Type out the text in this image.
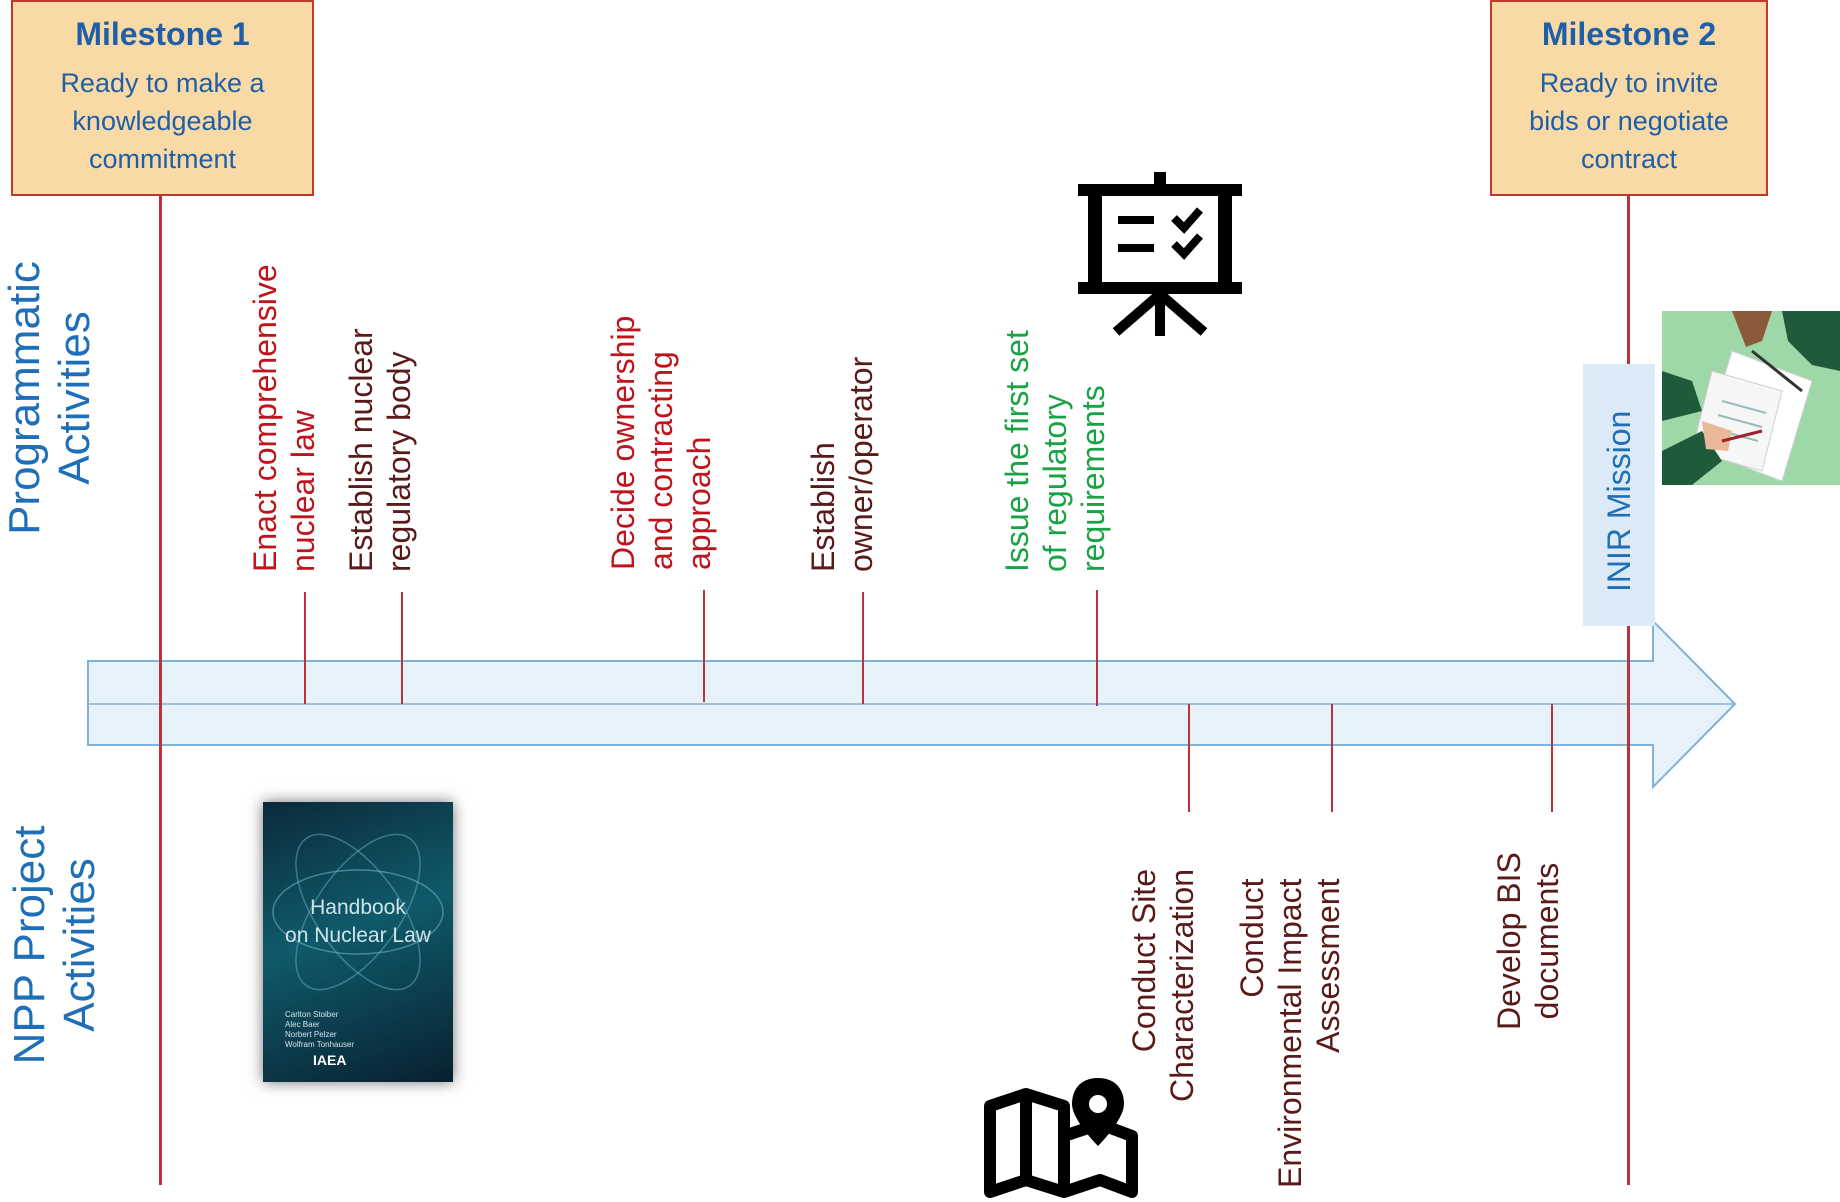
Milestone 1
Ready to make a
knowledgeable
commitment
Milestone 2
Ready to invite
bids or negotiate
contract
Programmatic Activities
NPP Project Activities
Enact comprehensive nuclear law Establish nuclear regulatory body	Decide ownership and contracting approach	Establish owner/operator	Issue the first set of regulatory requirements
Conduct Site Characterization Conduct Environmental Impact Assessment	Develop BIS documents
INIR Mission
Handbook
on Nuclear Law
Carlton Stoiber
Alec Baer
Norbert Pelzer
Wolfram Tonhauser
IAEA
